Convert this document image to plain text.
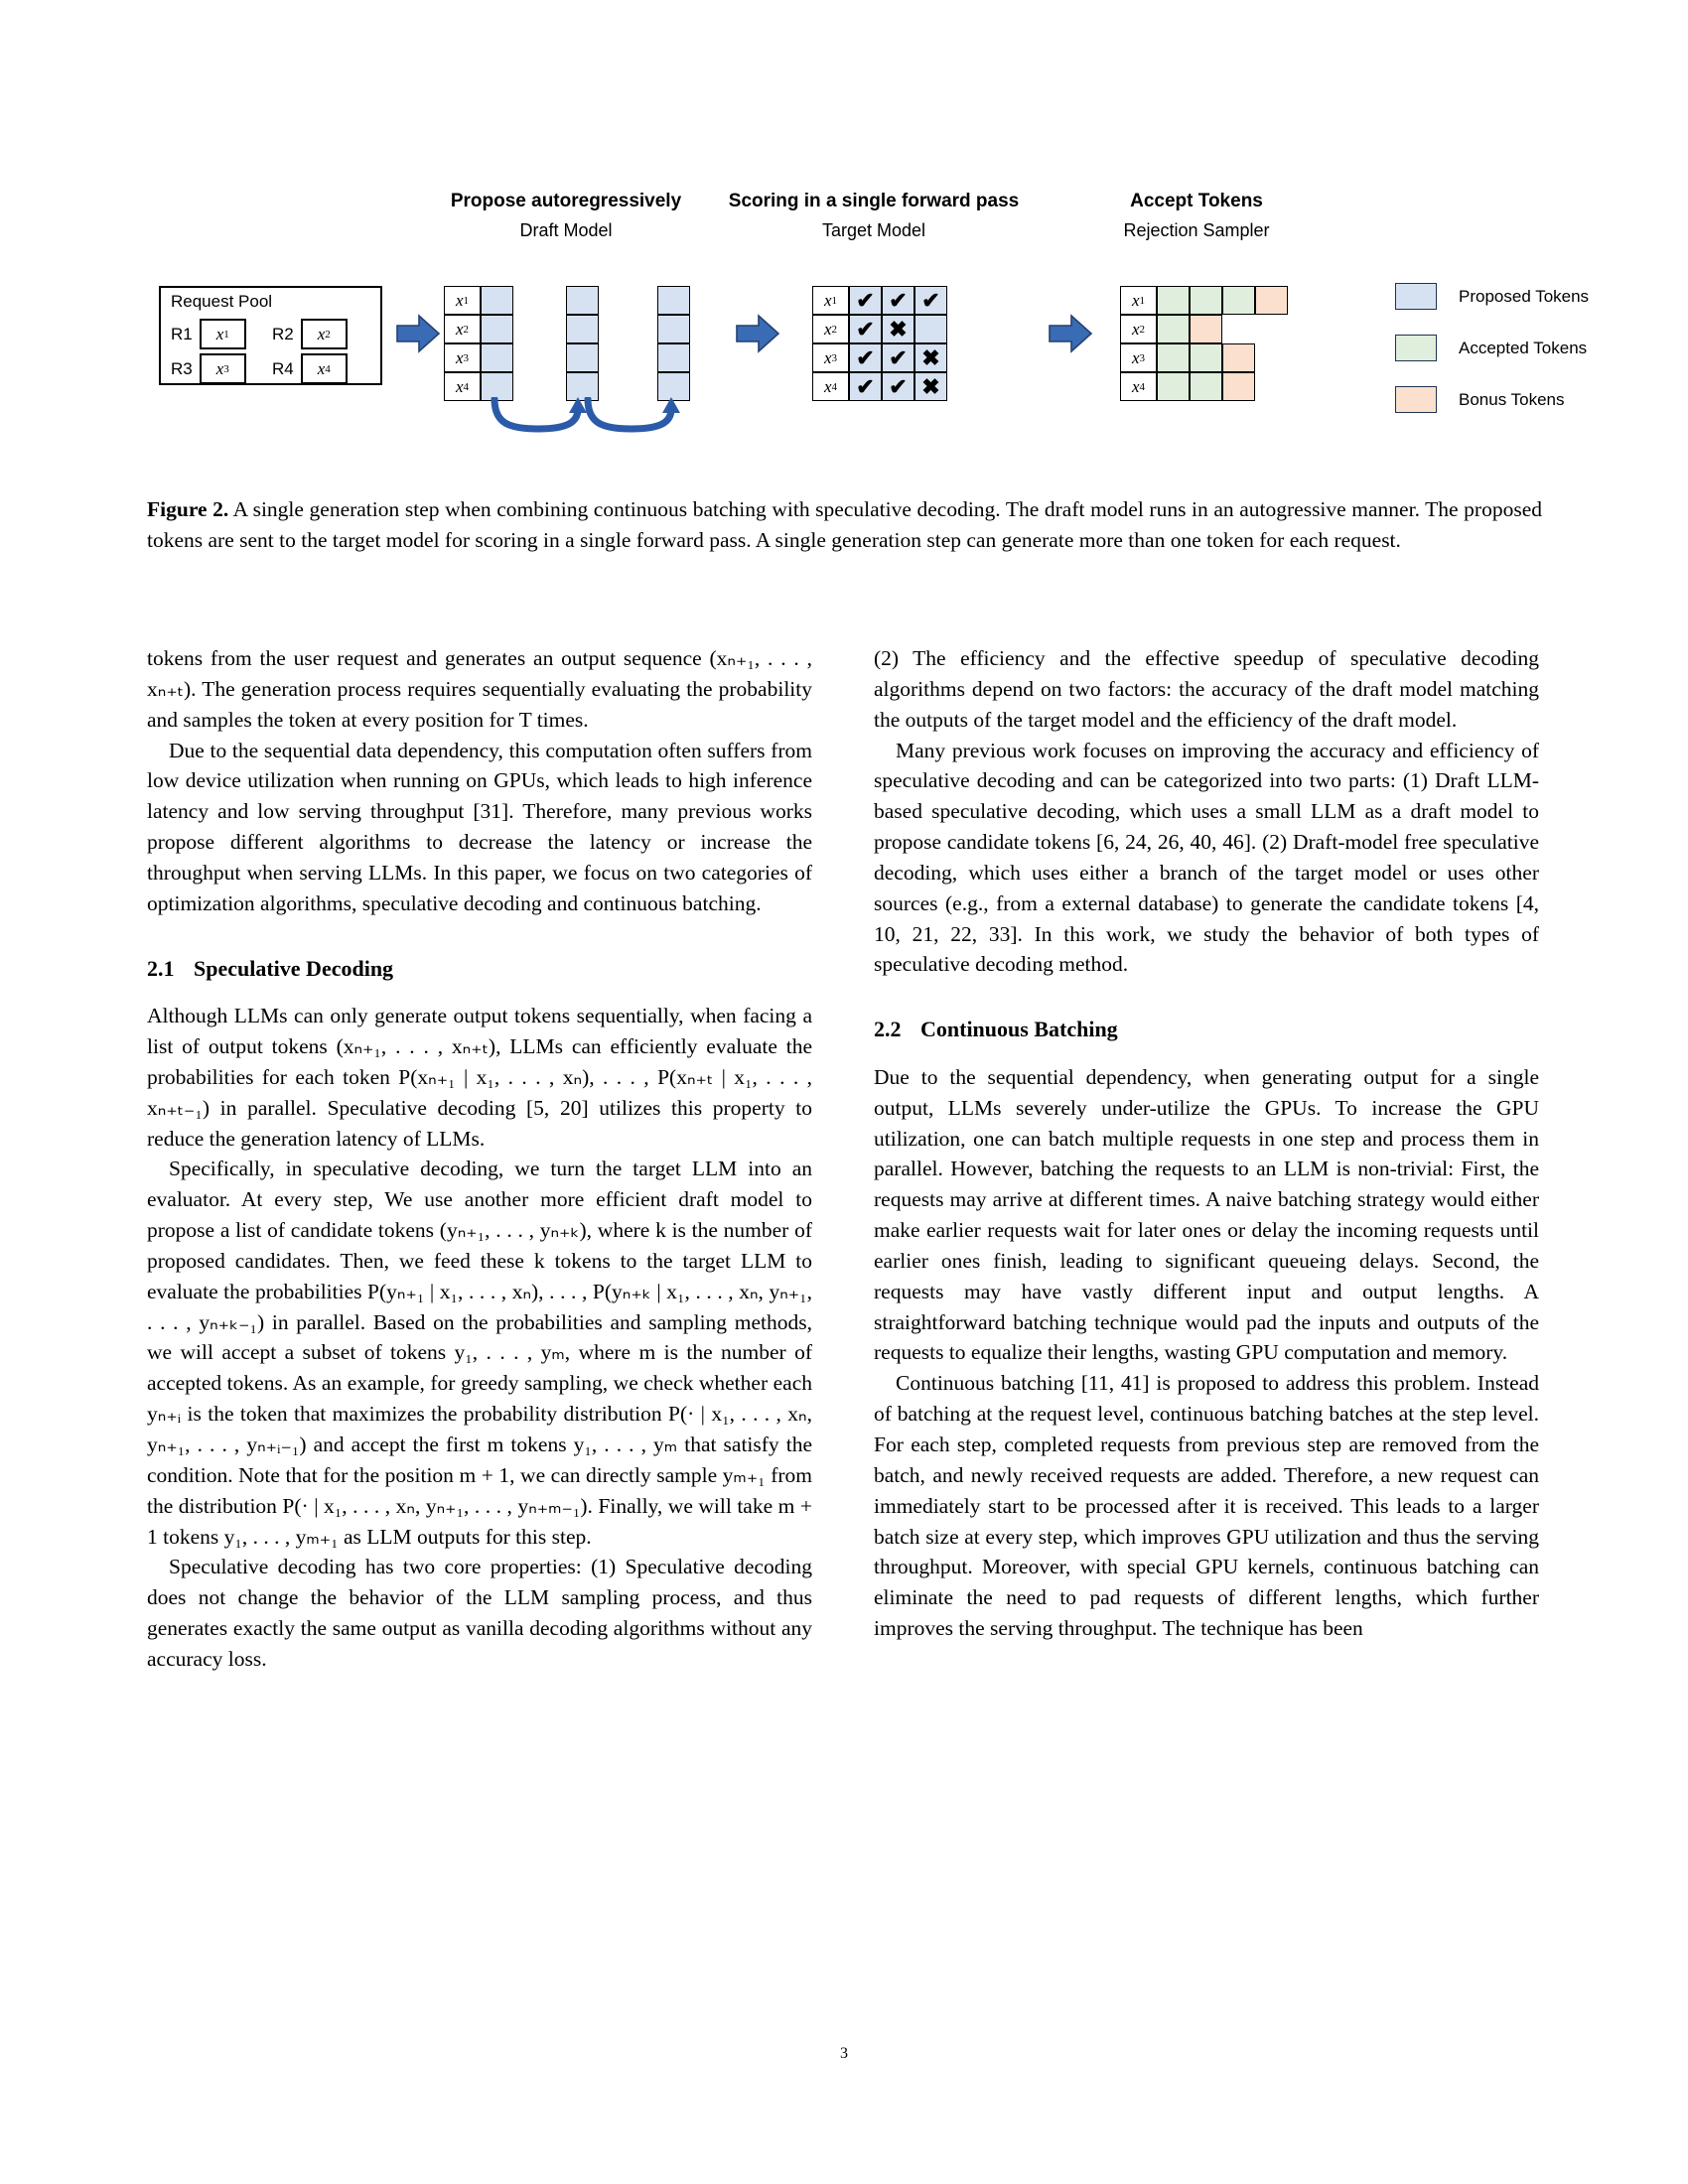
Propose autoregressively
Draft Model
Scoring in a single forward pass
Target Model
Accept Tokens
Rejection Sampler
Request Pool
R1 x 1	R2 x 2
R3 x 3	R4 x 4
x 1
x 2
x 3
x 4
x 1 ✔ ✔ ✔
x 2 ✔ ✖
x 3 ✔ ✔ ✖
x 4 ✔ ✔ ✖
x 1
x 2
x 3
x 4
Proposed Tokens
Accepted Tokens
Bonus Tokens
Figure 2. A single generation step when combining continuous batching with speculative decoding. The draft model runs in an autogressive manner. The proposed tokens are sent to the target model for scoring in a single forward pass. A single generation step can generate more than one token for each request.

tokens from the user request and generates an output sequence (xₙ₊₁, . . . , xₙ₊ₜ). The generation process requires sequentially evaluating the probability and samples the token at every position for T times.

Due to the sequential data dependency, this computation often suffers from low device utilization when running on GPUs, which leads to high inference latency and low serving throughput [31]. Therefore, many previous works propose different algorithms to decrease the latency or increase the throughput when serving LLMs. In this paper, we focus on two categories of optimization algorithms, speculative decoding and continuous batching.

2.1 Speculative Decoding

Although LLMs can only generate output tokens sequentially, when facing a list of output tokens (xₙ₊₁, . . . , xₙ₊ₜ), LLMs can efficiently evaluate the probabilities for each token P(xₙ₊₁ | x₁, . . . , xₙ), . . . , P(xₙ₊ₜ | x₁, . . . , xₙ₊ₜ₋₁) in parallel. Speculative decoding [5, 20] utilizes this property to reduce the generation latency of LLMs.

Specifically, in speculative decoding, we turn the target LLM into an evaluator. At every step, We use another more efficient draft model to propose a list of candidate tokens (yₙ₊₁, . . . , yₙ₊ₖ), where k is the number of proposed candidates. Then, we feed these k tokens to the target LLM to evaluate the probabilities P(yₙ₊₁ | x₁, . . . , xₙ), . . . , P(yₙ₊ₖ | x₁, . . . , xₙ, yₙ₊₁, . . . , yₙ₊ₖ₋₁) in parallel. Based on the probabilities and sampling methods, we will accept a subset of tokens y₁, . . . , yₘ, where m is the number of accepted tokens. As an example, for greedy sampling, we check whether each yₙ₊ᵢ is the token that maximizes the probability distribution P(· | x₁, . . . , xₙ, yₙ₊₁, . . . , yₙ₊ᵢ₋₁) and accept the first m tokens y₁, . . . , yₘ that satisfy the condition. Note that for the position m + 1, we can directly sample yₘ₊₁ from the distribution P(· | x₁, . . . , xₙ, yₙ₊₁, . . . , yₙ₊ₘ₋₁). Finally, we will take m + 1 tokens y₁, . . . , yₘ₊₁ as LLM outputs for this step.

Speculative decoding has two core properties: (1) Speculative decoding does not change the behavior of the LLM sampling process, and thus generates exactly the same output as vanilla decoding algorithms without any accuracy loss.

(2) The efficiency and the effective speedup of speculative decoding algorithms depend on two factors: the accuracy of the draft model matching the outputs of the target model and the efficiency of the draft model.

Many previous work focuses on improving the accuracy and efficiency of speculative decoding and can be categorized into two parts: (1) Draft LLM-based speculative decoding, which uses a small LLM as a draft model to propose candidate tokens [6, 24, 26, 40, 46]. (2) Draft-model free speculative decoding, which uses either a branch of the target model or uses other sources (e.g., from a external database) to generate the candidate tokens [4, 10, 21, 22, 33]. In this work, we study the behavior of both types of speculative decoding method.

2.2 Continuous Batching

Due to the sequential dependency, when generating output for a single output, LLMs severely under-utilize the GPUs. To increase the GPU utilization, one can batch multiple requests in one step and process them in parallel. However, batching the requests to an LLM is non-trivial: First, the requests may arrive at different times. A naive batching strategy would either make earlier requests wait for later ones or delay the incoming requests until earlier ones finish, leading to significant queueing delays. Second, the requests may have vastly different input and output lengths. A straightforward batching technique would pad the inputs and outputs of the requests to equalize their lengths, wasting GPU computation and memory.

Continuous batching [11, 41] is proposed to address this problem. Instead of batching at the request level, continuous batching batches at the step level. For each step, completed requests from previous step are removed from the batch, and newly received requests are added. Therefore, a new request can immediately start to be processed after it is received. This leads to a larger batch size at every step, which improves GPU utilization and thus the serving throughput. Moreover, with special GPU kernels, continuous batching can eliminate the need to pad requests of different lengths, which further improves the serving throughput. The technique has been

3
